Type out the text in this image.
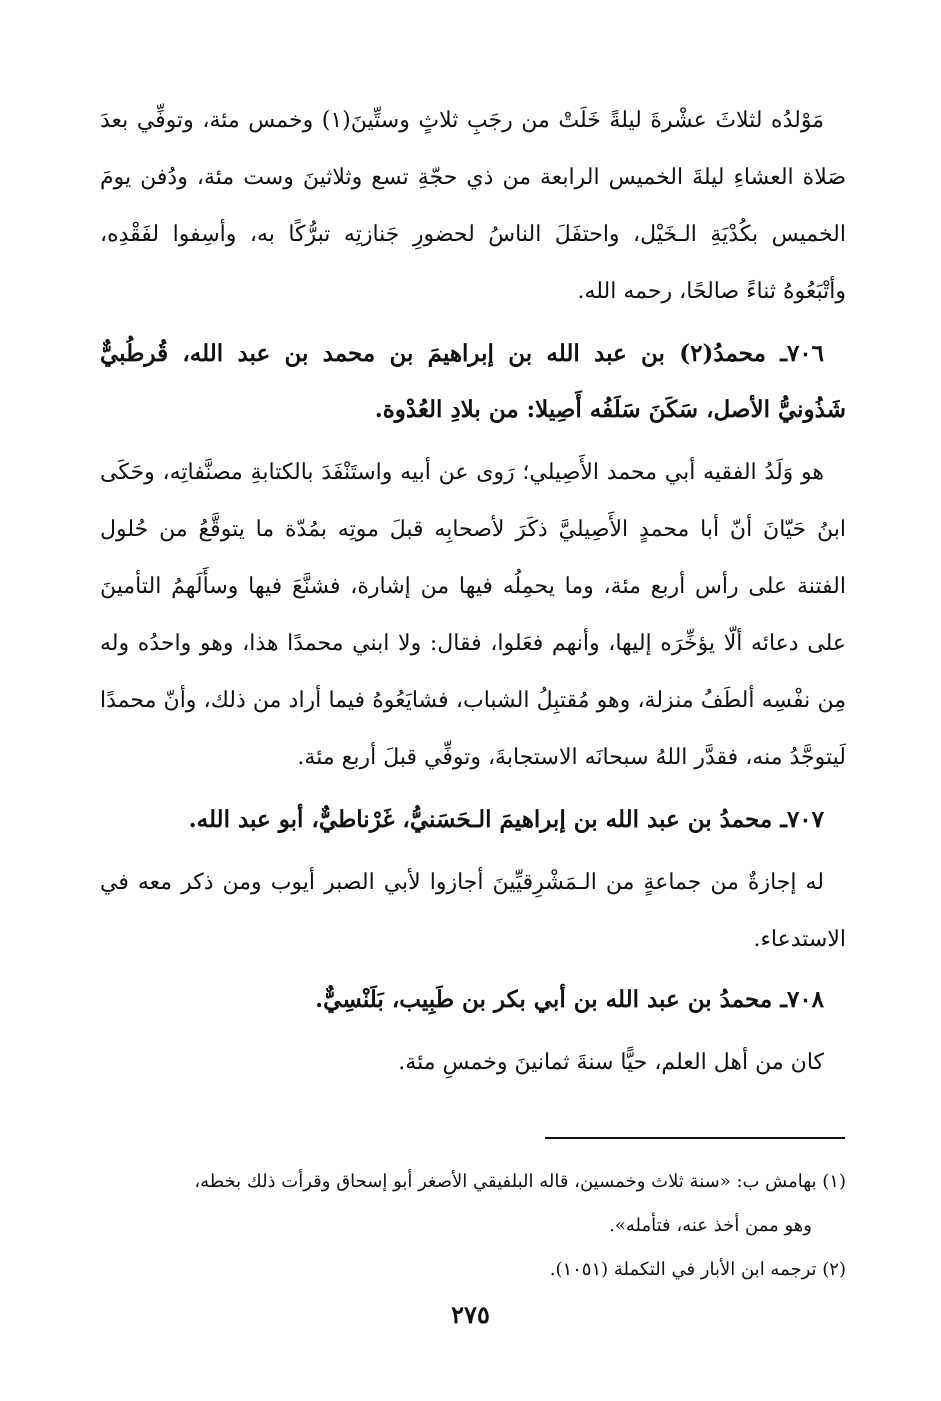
مَوْلدُه لثلاثَ عشْرةَ ليلةً خَلَتْ من رجَبِ ثلاثٍ وستِّينَ(١) وخمس مئة، وتوفِّي بعدَ صَلاة العشاءِ ليلةَ الخميس الرابعة من ذي حجّةِ تسع وثلاثينَ وست مئة، ودُفن يومَ الخميس بكُدْيَةِ الـخَيْل، واحتفَلَ الناسُ لحضورِ جَنازتِه تبرُّكًا به، وأسِفوا لفَقْدِه، وأتْبَعُوهُ ثناءً صالحًا، رحمه الله.

٧٠٦ـ محمدُ(٢) بن عبد الله بن إبراهيمَ بن محمد بن عبد الله، قُرطُبيٌّ شَذُونيُّ الأصل، سَكَنَ سَلَفُه أَصِيلا: من بلادِ العُدْوة.

هو وَلَدُ الفقيه أبي محمد الأَصِيلي؛ رَوى عن أبيه واستَنْفَدَ بالكتابةِ مصنَّفاتِه، وحَكَى ابنُ حَيّانَ أنّ أبا محمدٍ الأَصِيليَّ ذكَرَ لأصحابِه قبلَ موتِه بمُدّة ما يتوقَّعُ من حُلول الفتنة على رأس أربع مئة، وما يحمِلُه فيها من إشارة، فشنَّعَ فيها وسأَلَهمُ التأمينَ على دعائه ألّا يؤخِّرَه إليها، وأنهم فعَلوا، فقال: ولا ابني محمدًا هذا، وهو واحدُه وله مِن نفْسِه ألطَفُ منزلة، وهو مُقتبِلُ الشباب، فشايَعُوهُ فيما أراد من ذلك، وأنّ محمدًا لَيتوجَّدُ منه، فقدَّر اللهُ سبحانَه الاستجابةَ، وتوفِّي قبلَ أربع مئة.

٧٠٧ـ محمدُ بن عبد الله بن إبراهيمَ الـحَسَنيُّ، غَرْناطيٌّ، أبو عبد الله.

له إجازةٌ من جماعةٍ من الـمَشْرِقيِّينَ أجازوا لأبي الصبر أيوب ومن ذكر معه في الاستدعاء.

٧٠٨ـ محمدُ بن عبد الله بن أبي بكر بن طَبِيب، بَلَنْسِيٌّ.

كان من أهل العلم، حيًّا سنةَ ثمانينَ وخمسِ مئة.

(١) بهامش ب: «سنة ثلاث وخمسين، قاله البلفيقي الأصغر أبو إسحاق وقرأت ذلك بخطه،

وهو ممن أخذ عنه، فتأمله».

(٢) ترجمه ابن الأبار في التكملة (١٠٥١).

٢٧٥
